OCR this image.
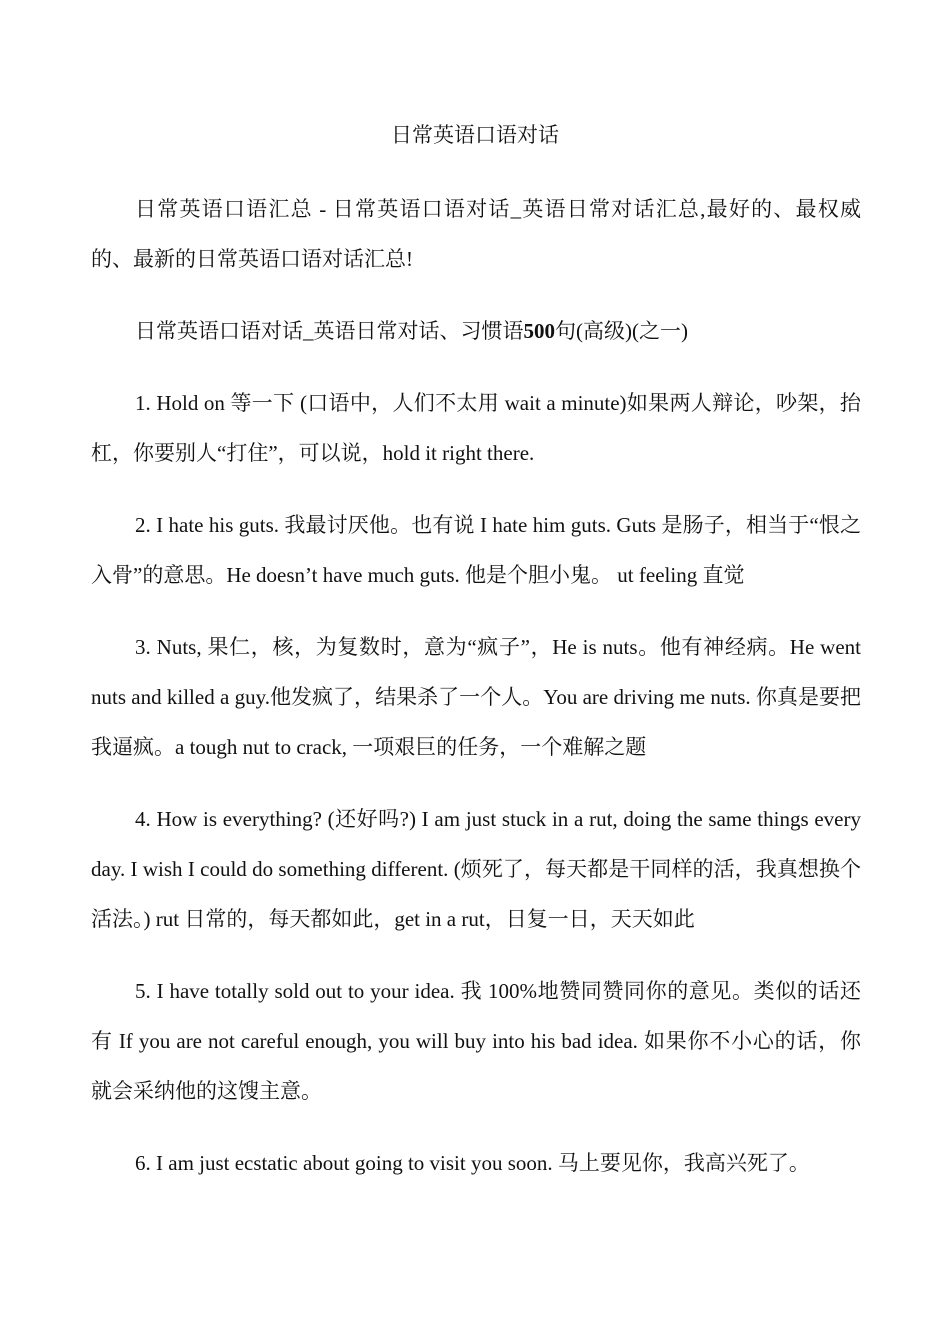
日常英语口语对话

日常英语口语汇总 - 日常英语口语对话_英语日常对话汇总,最好的、最权威的、最新的日常英语口语对话汇总!

日常英语口语对话_英语日常对话、习惯语500句(高级)(之一)

1. Hold on 等一下 (口语中，人们不太用 wait a minute)如果两人辩论，吵架，抬杠，你要别人“打住”，可以说，hold it right there.

2. I hate his guts. 我最讨厌他。也有说 I hate him guts. Guts 是肠子，相当于“恨之入骨”的意思。He doesn’t have much guts. 他是个胆小鬼。 ut feeling 直觉

3. Nuts, 果仁，核，为复数时，意为“疯子”，He is nuts。他有神经病。He went nuts and killed a guy.他发疯了，结果杀了一个人。You are driving me nuts. 你真是要把我逼疯。a tough nut to crack, 一项艰巨的任务，一个难解之题

4. How is everything? (还好吗?) I am just stuck in a rut, doing the same things every day. I wish I could do something different. (烦死了，每天都是干同样的活，我真想换个活法。) rut 日常的，每天都如此，get in a rut，日复一日，天天如此

5. I have totally sold out to your idea. 我 100%地赞同赞同你的意见。类似的话还有 If you are not careful enough, you will buy into his bad idea. 如果你不小心的话，你就会采纳他的这馊主意。

6. I am just ecstatic about going to visit you soon. 马上要见你，我高兴死了。
